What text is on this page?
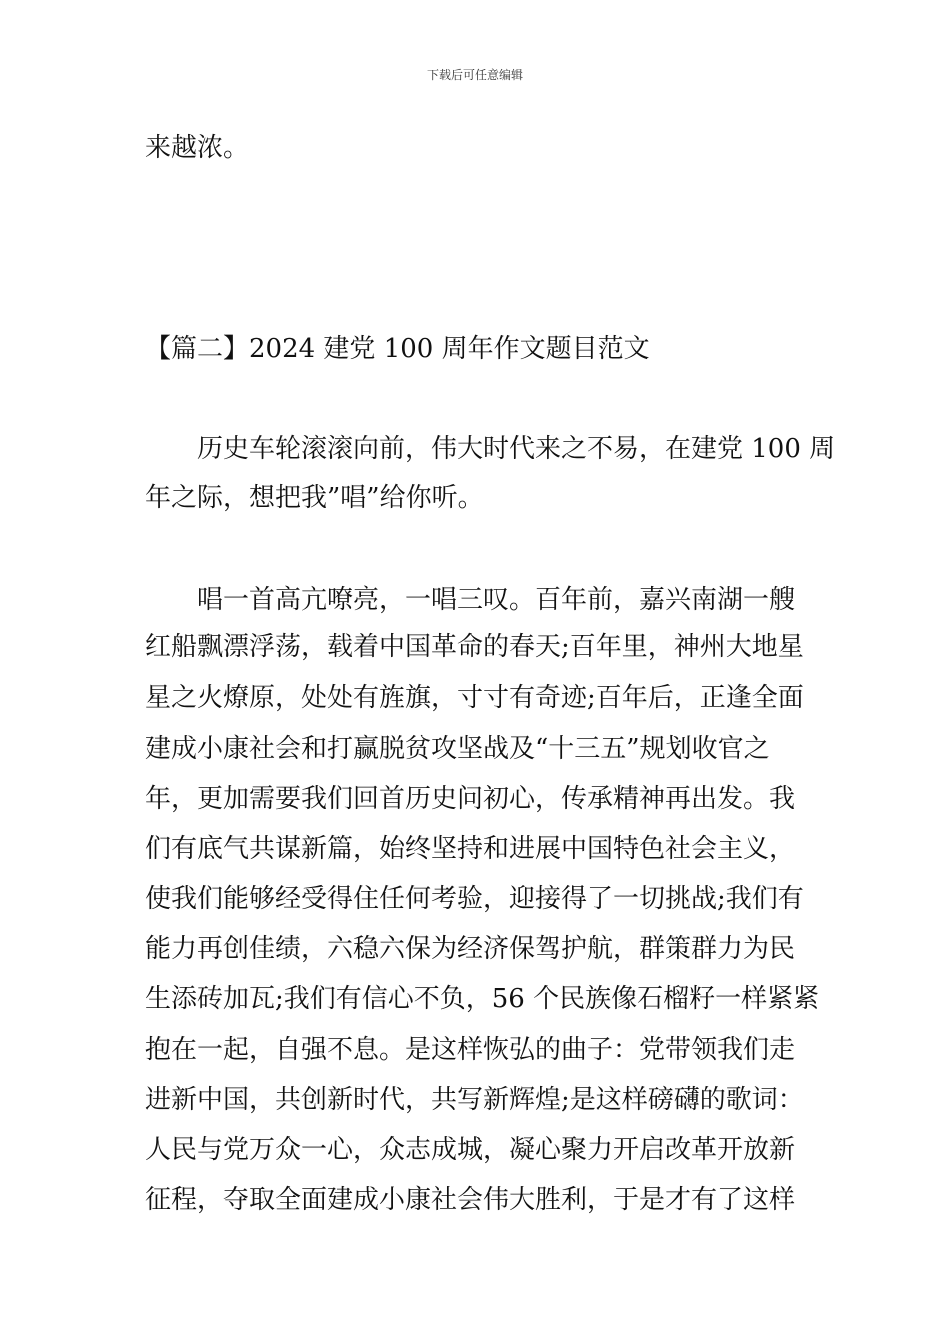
下载后可任意编辑
来越浓。
【篇二】2024 建党 100 周年作文题目范文
历史车轮滚滚向前，伟大时代来之不易，在建党 100 周
年之际，想把我”唱”给你听。
唱一首高亢嘹亮，一唱三叹。百年前，嘉兴南湖一艘
红船飘漂浮荡，载着中国革命的春天;百年里，神州大地星
星之火燎原，处处有旌旗，寸寸有奇迹;百年后，正逢全面
建成小康社会和打赢脱贫攻坚战及“十三五”规划收官之
年，更加需要我们回首历史问初心，传承精神再出发。我
们有底气共谋新篇，始终坚持和进展中国特色社会主义，
使我们能够经受得住任何考验，迎接得了一切挑战;我们有
能力再创佳绩，六稳六保为经济保驾护航，群策群力为民
生添砖加瓦;我们有信心不负，56 个民族像石榴籽一样紧紧
抱在一起，自强不息。是这样恢弘的曲子：党带领我们走
进新中国，共创新时代，共写新辉煌;是这样磅礴的歌词：
人民与党万众一心，众志成城，凝心聚力开启改革开放新
征程，夺取全面建成小康社会伟大胜利，于是才有了这样
